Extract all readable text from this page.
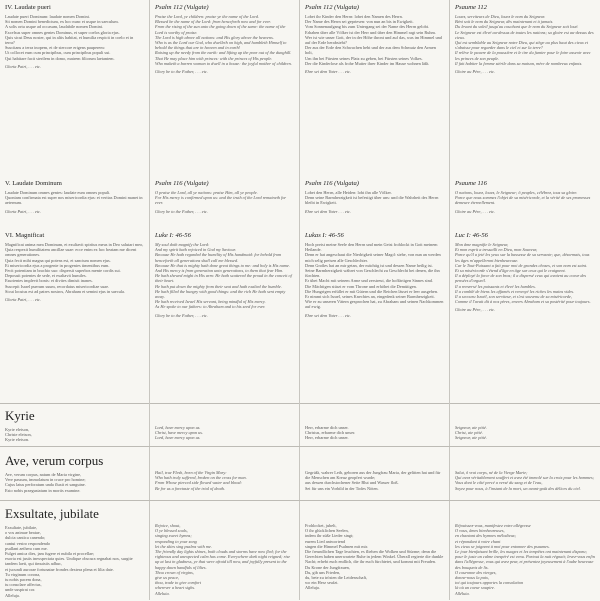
IV. Laudate pueri

Laudate pueri Dominum: laudate nomen Domini.
Sit nomen Domini benedictum, ex hoc nunc et usque in saeculum.
A solis ortu usque ad occasum, laudabile nomen Domini.
Excelsus super omnes gentes Dominus, et super coelos gloria ejus.
Quis sicut Deus noster, qui in altis habitat, et humilia respicit in coelo et in terra?
Suscitans a terra inopem, et de stercore erigens pauperem:
Ut collocet eum cum principibus, cum principibus populi sui.
Qui habitare facit sterilem in domo, matrem filiorum laetantem.

Gloria Patri, . . . etc.
V. Laudate Dominum

Laudate Dominum omnes gentes: laudate eum omnes populi.
Quoniam confirmata est super nos misericordia ejus: et veritas Domini manet in aeternum.

Gloria Patri, . . . etc.
VI. Magnificat

Magnificat anima mea Dominum, et exultavit spiritus meus in Deo salutari meo,
Quia respexit humilitatem ancillae suae: ecce enim ex hoc beatam me dicent omnes generationes.
Quia fecit mihi magna qui potens est, et sanctum nomen ejus.
Et misericordia ejus a progenie in progenies timentibus eum.
Fecit potentiam in brachio suo: dispersit superbos mente cordis sui.
Deposuit potentes de sede, et exaltavit humiles.
Esurientes implevit bonis: et divites dimisit inanes.
Suscepit Israel puerum suum, recordatus misericordiae suae.
Sicut locutus est ad patres nostros, Abraham et semini ejus in saecula.

Gloria Patri, . . . etc.
Psalm 112 (Vulgate)

Praise the Lord, ye children: praise ye the name of the Lord.
Blessed be the name of the Lord: from henceforth now and for ever.
From the rising of the sun unto the going down of the same: the name of the Lord is worthy of praise.
The Lord is high above all nations: and His glory above the heavens.
Who is as the Lord our God, who dwelleth on high, and humbleth Himself to behold the things that are in heaven and in earth!
Raising up the needy from the earth: and lifting up the poor out of the dunghill.
That He may place him with princes: with the princes of His people.
Who maketh a barren woman to dwell in a house: the joyful mother of children.

Glory be to the Father, . . . etc.
Psalm 116 (Vulgate)

O praise the Lord, all ye nations: praise Him, all ye people.
For His mercy is confirmed upon us: and the truth of the Lord remaineth for ever.

Glory be to the Father, . . . etc.
Luke I: 46-56

My soul doth magnify the Lord:
And my spirit hath rejoiced in God my Saviour.
Because He hath regarded the humility of His handmaid: for behold from henceforth all generations shall call me blessed.
Because He that is mighty hath done great things to me: and holy is His name.
And His mercy is from generation unto generations, to them that fear Him.
He hath shewed might in His arm: He hath scattered the proud in the conceit of their heart.
He hath put down the mighty from their seat and hath exalted the humble.
He hath filled the hungry with good things: and the rich He hath sent empty away.
He hath received Israel His servant, being mindful of His mercy.
As He spoke to our fathers: to Abraham and to his seed for ever.

Glory be to the Father, . . . etc.
Psalm 112 (Vulgata)

Lobet ihr Kinder den Herrn: lobet den Namen des Herrn.
Der Name des Herrn sei gepriesen: von nun an bis in Ewigkeit.
Vom Sonnenaufgang bis zum Untergang sei der Name des Herrn gelobt.
Erhaben über alle Völker ist der Herr und über den Himmel ragt sein Ruhm.
Wer ist wie unser Gott, der in der Höhe thront und auf das, was im Himmel und auf der Erde herabsieht?
Der aus der Erde den Schwachen hebt und der aus dem Schmutz den Armen holt,
Um ihn bei Fürsten seines Platz zu geben, bei Fürsten seines Volkes.
Der die Kinderlose als frohe Mutter ihrer Kinder im Hause wohnen läßt.

Ehre sei dem Vater . . . etc.
Psalm 116 (Vulgata)

Lobet den Herrn, alle Heiden: lobt ihn alle Völker.
Denn seine Barmherzigkeit ist befestigt über uns: und die Wahrheit des Herrn bleibt in Ewigkeit.

Ehre sei dem Vater . . . etc.
Lukas I: 46-56

Hoch preist meine Seele den Herrn und mein Geist frohlockt in Gott meinem Heilande.
Denn er hat angeschaut die Niedrigkeit seiner Magd: siehe, von nun an werden mich selig preisen alle Geschlechter.
Denn Großes hat an mir getan, der mächtig ist und dessen Name heilig ist.
Seine Barmherzigkeit währet von Geschlecht zu Geschlecht bei denen, die ihn fürchten.
Er übet Macht mit seinem Arme und zerstreut, die hoffärtigen Sinnes sind.
Die Mächtigen stürzt er vom Throne und erhöhet die Demütigen.
Die Hungrigen erfüllet er mit Gütern und die Reichen lässet er leer ausgehen.
Er nimmt sich Israel, seines Knechtes an, eingedenk seiner Barmherzigkeit.
Wie er zu unseren Vätern gesprochen hat, zu Abraham und seinen Nachkommen auf ewig.

Ehre sei dem Vater . . . etc.
Psaume 112

Louez, serviteurs de Dieu, louez le nom du Seigneur.
Béni soit le nom du Seigneur, dès maintenant et à jamais.
Du levant du soleil jusqu'au couchant que le nom du Seigneur soit loué.
Le Seigneur est élevé au-dessus de toutes les nations; sa gloire est au-dessus des cieux.
Qui est semblable au Seigneur notre Dieu, qui siège au plus haut des cieux et s'abaisse pour regarder dans le ciel et sur la terre?
Il relève le pauvre de la poussière et le tire du fumier pour le faire asseoir avec les princes de son peuple.
Il fait habiter la femme stérile dans sa maison, mère de nombreux enfants.

Gloire au Père, . . . etc.
Psaume 116

O nations, louez, louez, le Seigneur; ô peuples, célébrez, tous sa gloire.
Parce que nous sommes l'objet de sa miséricorde, et la vérité de ses promesses demeure éternellement.

Gloire au Père, . . . etc.
Luc I: 46-56

Mon âme magnifie le Seigneur,
Et mon esprit a tressailli en Dieu, mon Sauveur,
Parce qu'il a jeté les yeux sur la bassesse de sa servante; que, désormais, tous les âges m'appelleront bienheureuse.
Car le Tout-Puissant a fait pour moi de grandes choses, et son nom est saint.
Et sa miséricorde s'étend d'âge en âge sur ceux qui le craignent.
Il a déployé la force de son bras; il a dispersé ceux qui avaient au coeur des pensées d'orgueil.
Il a renversé les puissants et élevé les humbles.
Il a comblé de biens les affamés et renvoyé les riches les mains vides.
Il a secouru Israël, son serviteur, et s'est souvenu de sa miséricorde,
Comme il l'avait dit à nos pères, envers Abraham et sa postérité pour toujours.

Gloire au Père, . . . etc.
Kyrie

Kyrie eleison,
Christe eleison,
Kyrie eleison.

Ave, verum corpus

Ave, verum corpus, natum de Maria virgine,
Vere passum, immolatum in cruce pro homine;
Cujus latus perforatum unda fluxit et sanguine.
Esto nobis praegustatum in mortis examine.

Exsultate, jubilate

Exsultate, jubilate,
o vos animae beatae,
dulcia cantica canendo;
cantui vestro respondendo
psallant aethera cum me.
Fulget amica dies, jam fugere et nubila et procellae;
exorta est justis inexspectata quies. Undique obscura regnabat nox, surgite tandem laeti, qui timuistis adhuc,
et jucundi aurorae fortunatae frondes dextera plena et lilia date.
Tu virginum corona,
tu nobis pacem dona,
tu consolare affectus,
unde suspirat cor.
Alleluja.

Lord, have mercy upon us.
Christ, have mercy upon us.
Lord, have mercy upon us.

Hail, true Flesh, born of the Virgin Mary:
Who hath truly suffered, broken on the cross for man.
From Whose pierced side flowed water and blood:
Be for us a foretaste of the trial of death.

Rejoice, shout,
O ye blessed souls,
singing sweet hymns;
responding to your song
let the skies sing psalms with me.
The friendly day lights shines, both clouds and storms have now fled; for the righteous and unexpected calm has come. Everywhere dark night reigned; rise up at last in gladness, ye that were afraid till now, and joyfully present to the happy dawn handfuls of lilies.
Thou crown of virgins,
give us peace,
thou, trade to give comfort
wherever a heart sighs.
Alleluia.

Herr, erbarme dich unser.
Christus, erbarme dich unser.
Herr, erbarme dich unser.

Gegrüßt, wahrer Leib, geboren aus der Jungfrau Maria, der gelitten hat und für die Menschen am Kreuz geopfert wurde;
aus dessen durchstochener Seite Blut und Wasser floß.
Sei für uns ein Vorbild in der Todes Nöten.

Frohlocket, jubelt,
O ihr glücklichen Seelen,
indem ihr süße Lieder singt;
eurem Lied antwortend
singen die Himmel Psalmen mit mir.
Die freundlichen Tage leuchten, es fliehen die Wolken und Stürme; denn die Gerechten haben unerwartete Ruhe in jedem Winkel. Überall regierte die dunkle Nacht; erhebt euch endlich, die ihr euch fürchtetet, und kommt mit Freuden.
Du Krone der Jungfrauen,
Du, gib uns Frieden,
du, bete zu trösten die Leidenschaft,
wo ein Herz seufzt.
Alleluja.

Seigneur, aie pitié.
Christ, aie pitié.
Seigneur, aie pitié.

Salut, ô vrai corps, né de la Vierge Marie;
Qui avez véritablement souffert et avez été immolé sur la croix pour les hommes;
Vous dont le côté percé a versé du sang et de l'eau,
Soyez pour nous, à l'instant de la mort, un avant-goût des délices du ciel.

Réjouissez-vous, manifestez votre allégresse
O vous, âmes bienheureuses,
en chantant des hymnes mélodieux;
et répondant à votre chant
les cieux se joignent à moi pour entonner des psaumes.
Le jour bienfaisant brille, les nuages et les tempêtes ont maintenant disparu; pour le juste un calme inespéré est venu. Partout la nuit régnait; levez-vous enfin dans l'allégresse, vous qui avez peur, et présentez joyeusement à l'aube heureuse des bouquets de lis.
O couronne des vierges,
donne-nous la paix,
toi qui toujours apportes la consolation
là où un coeur soupire.
Alléluia.
